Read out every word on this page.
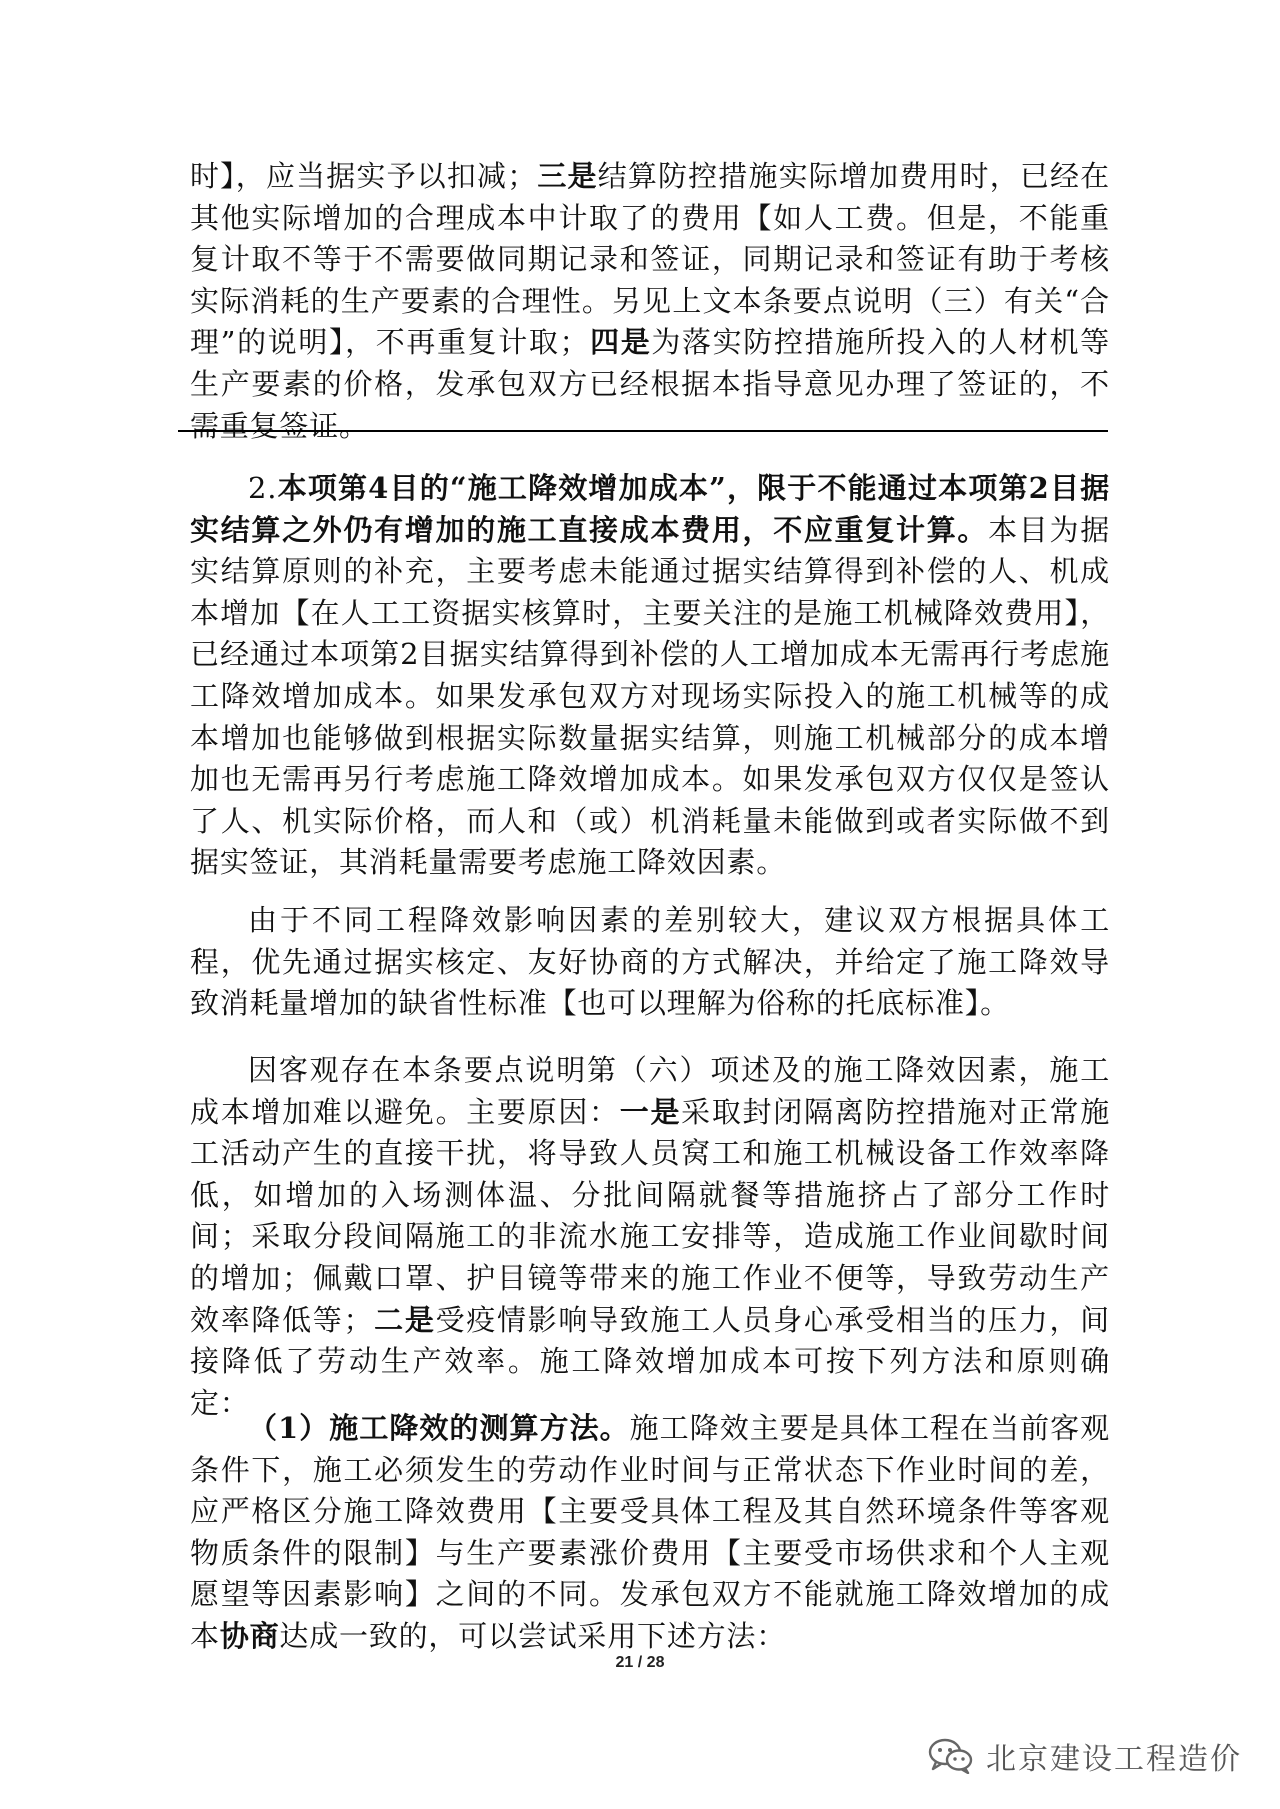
时】，应当据实予以扣减；三是结算防控措施实际增加费用时，已经在其他实际增加的合理成本中计取了的费用【如人工费。但是，不能重复计取不等于不需要做同期记录和签证，同期记录和签证有助于考核实际消耗的生产要素的合理性。另见上文本条要点说明（三）有关“合理”的说明】，不再重复计取；四是为落实防控措施所投入的人材机等生产要素的价格，发承包双方已经根据本指导意见办理了签证的，不需重复签证。

2.本项第4目的“施工降效增加成本”，限于不能通过本项第2目据实结算之外仍有增加的施工直接成本费用，不应重复计算。本目为据实结算原则的补充，主要考虑未能通过据实结算得到补偿的人、机成本增加【在人工工资据实核算时，主要关注的是施工机械降效费用】，已经通过本项第2目据实结算得到补偿的人工增加成本无需再行考虑施工降效增加成本。如果发承包双方对现场实际投入的施工机械等的成本增加也能够做到根据实际数量据实结算，则施工机械部分的成本增加也无需再另行考虑施工降效增加成本。如果发承包双方仅仅是签认了人、机实际价格，而人和（或）机消耗量未能做到或者实际做不到据实签证，其消耗量需要考虑施工降效因素。

由于不同工程降效影响因素的差别较大，建议双方根据具体工程，优先通过据实核定、友好协商的方式解决，并给定了施工降效导致消耗量增加的缺省性标准【也可以理解为俗称的托底标准】。

因客观存在本条要点说明第（六）项述及的施工降效因素，施工成本增加难以避免。主要原因：一是采取封闭隔离防控措施对正常施工活动产生的直接干扰，将导致人员窝工和施工机械设备工作效率降低，如增加的入场测体温、分批间隔就餐等措施挤占了部分工作时间；采取分段间隔施工的非流水施工安排等，造成施工作业间歇时间的增加；佩戴口罩、护目镜等带来的施工作业不便等，导致劳动生产效率降低等；二是受疫情影响导致施工人员身心承受相当的压力，间接降低了劳动生产效率。施工降效增加成本可按下列方法和原则确定：

（1）施工降效的测算方法。施工降效主要是具体工程在当前客观条件下，施工必须发生的劳动作业时间与正常状态下作业时间的差，应严格区分施工降效费用【主要受具体工程及其自然环境条件等客观物质条件的限制】与生产要素涨价费用【主要受市场供求和个人主观愿望等因素影响】之间的不同。发承包双方不能就施工降效增加的成本协商达成一致的，可以尝试采用下述方法：

21 / 28
北京建设工程造价
